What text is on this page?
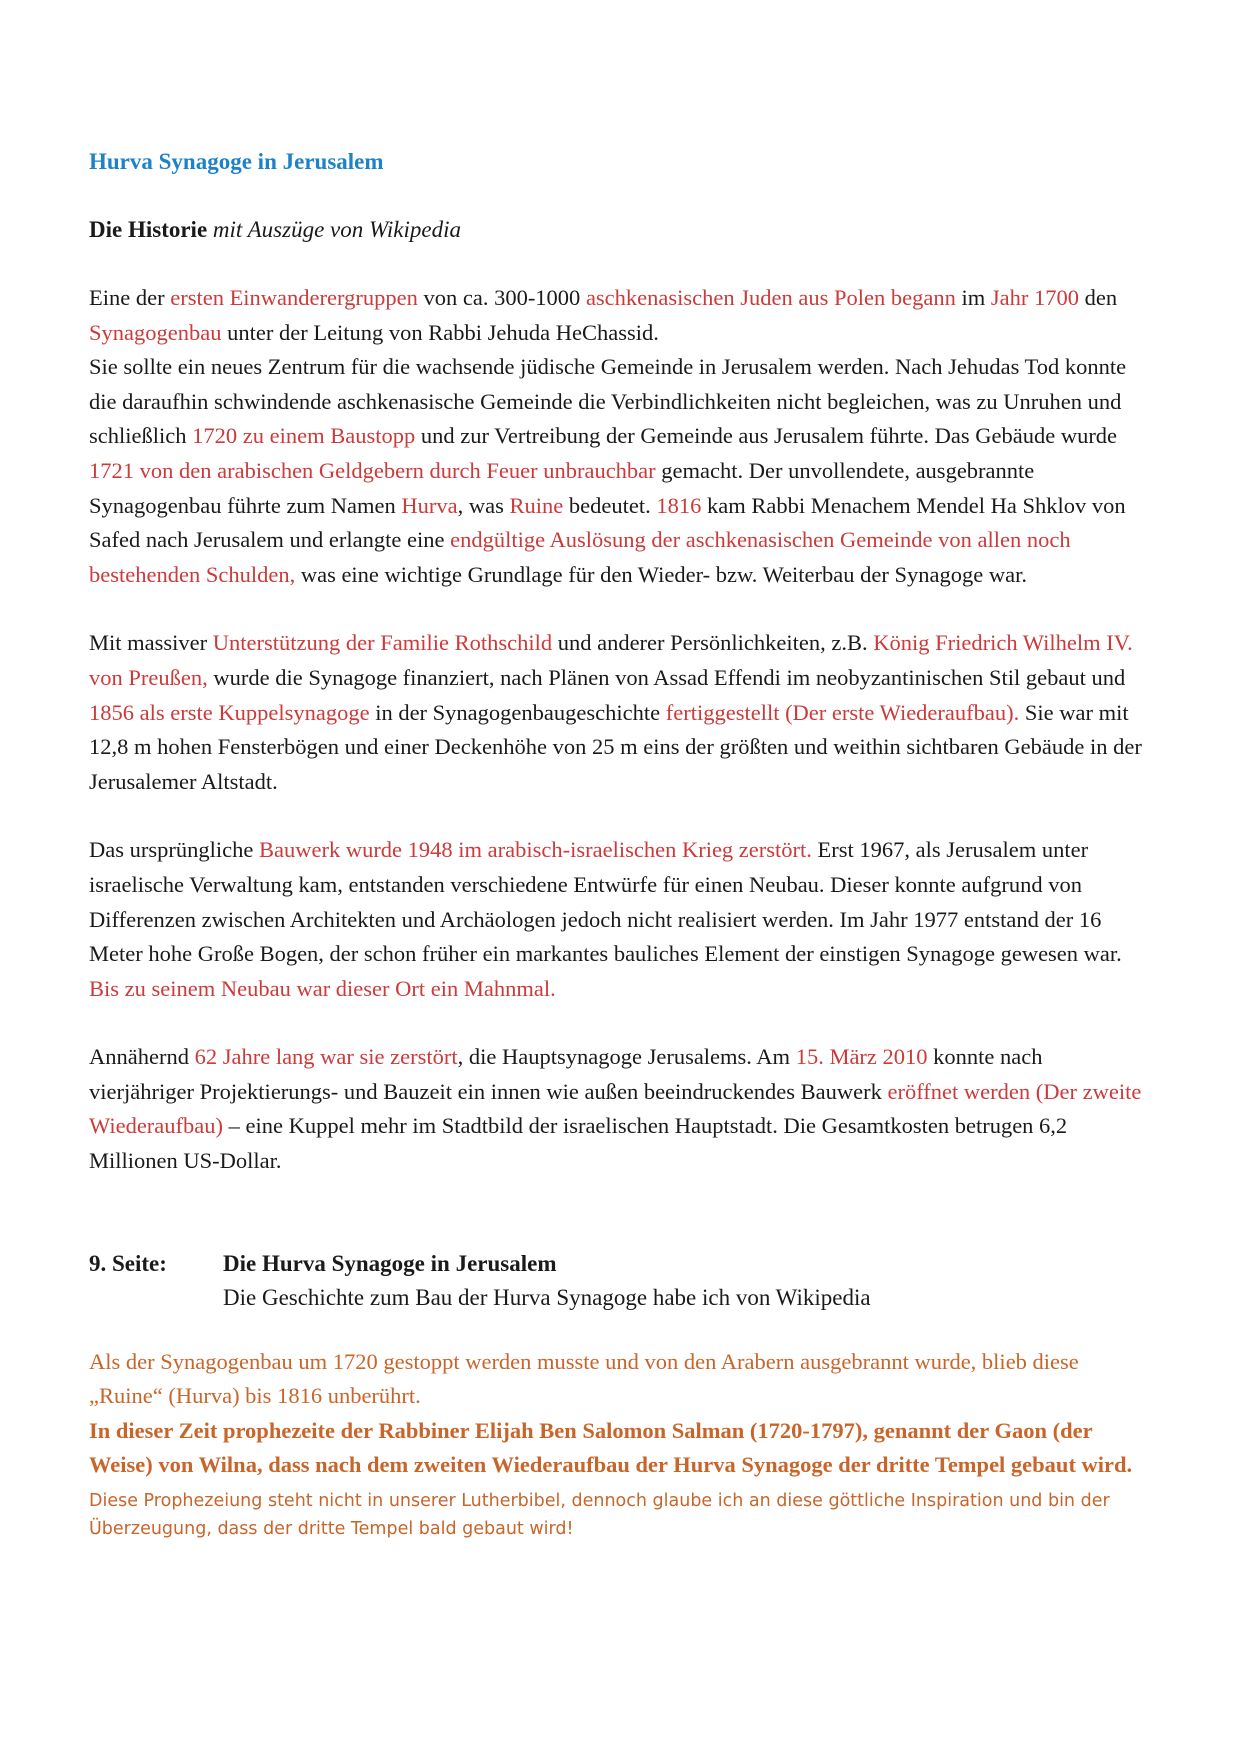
Hurva Synagoge in Jerusalem

Die Historie mit Auszüge von Wikipedia

Eine der ersten Einwanderergruppen von ca. 300-1000 aschkenasischen Juden aus Polen begann im Jahr 1700 den Synagogenbau unter der Leitung von Rabbi Jehuda HeChassid.
Sie sollte ein neues Zentrum für die wachsende jüdische Gemeinde in Jerusalem werden. Nach Jehudas Tod konnte die daraufhin schwindende aschkenasische Gemeinde die Verbindlichkeiten nicht begleichen, was zu Unruhen und schließlich 1720 zu einem Baustopp und zur Vertreibung der Gemeinde aus Jerusalem führte. Das Gebäude wurde 1721 von den arabischen Geldgebern durch Feuer unbrauchbar gemacht. Der unvollendete, ausgebrannte Synagogenbau führte zum Namen Hurva, was Ruine bedeutet. 1816 kam Rabbi Menachem Mendel Ha Shklov von Safed nach Jerusalem und erlangte eine endgültige Auslösung der aschkenasischen Gemeinde von allen noch bestehenden Schulden, was eine wichtige Grundlage für den Wieder- bzw. Weiterbau der Synagoge war.

Mit massiver Unterstützung der Familie Rothschild und anderer Persönlichkeiten, z.B. König Friedrich Wilhelm IV. von Preußen, wurde die Synagoge finanziert, nach Plänen von Assad Effendi im neobyzantinischen Stil gebaut und 1856 als erste Kuppelsynagoge in der Synagogenbaugeschichte fertiggestellt (Der erste Wiederaufbau). Sie war mit 12,8 m hohen Fensterbögen und einer Deckenhöhe von 25 m eins der größten und weithin sichtbaren Gebäude in der Jerusalemer Altstadt.

Das ursprüngliche Bauwerk wurde 1948 im arabisch-israelischen Krieg zerstört. Erst 1967, als Jerusalem unter israelische Verwaltung kam, entstanden verschiedene Entwürfe für einen Neubau. Dieser konnte aufgrund von Differenzen zwischen Architekten und Archäologen jedoch nicht realisiert werden. Im Jahr 1977 entstand der 16 Meter hohe Große Bogen, der schon früher ein markantes bauliches Element der einstigen Synagoge gewesen war. Bis zu seinem Neubau war dieser Ort ein Mahnmal.

Annähernd 62 Jahre lang war sie zerstört, die Hauptsynagoge Jerusalems. Am 15. März 2010 konnte nach vierjähriger Projektierungs- und Bauzeit ein innen wie außen beeindruckendes Bauwerk eröffnet werden (Der zweite Wiederaufbau) – eine Kuppel mehr im Stadtbild der israelischen Hauptstadt. Die Gesamtkosten betrugen 6,2 Millionen US-Dollar.

9. Seite:	Die Hurva Synagoge in Jerusalem
Die Geschichte zum Bau der Hurva Synagoge habe ich von Wikipedia

Als der Synagogenbau um 1720 gestoppt werden musste und von den Arabern ausgebrannt wurde, blieb diese „Ruine“ (Hurva) bis 1816 unberührt.

In dieser Zeit prophezeite der Rabbiner Elijah Ben Salomon Salman (1720-1797), genannt der Gaon (der Weise) von Wilna, dass nach dem zweiten Wiederaufbau der Hurva Synagoge der dritte Tempel gebaut wird.

Diese Prophezeiung steht nicht in unserer Lutherbibel, dennoch glaube ich an diese göttliche Inspiration und bin der Überzeugung, dass der dritte Tempel bald gebaut wird!
